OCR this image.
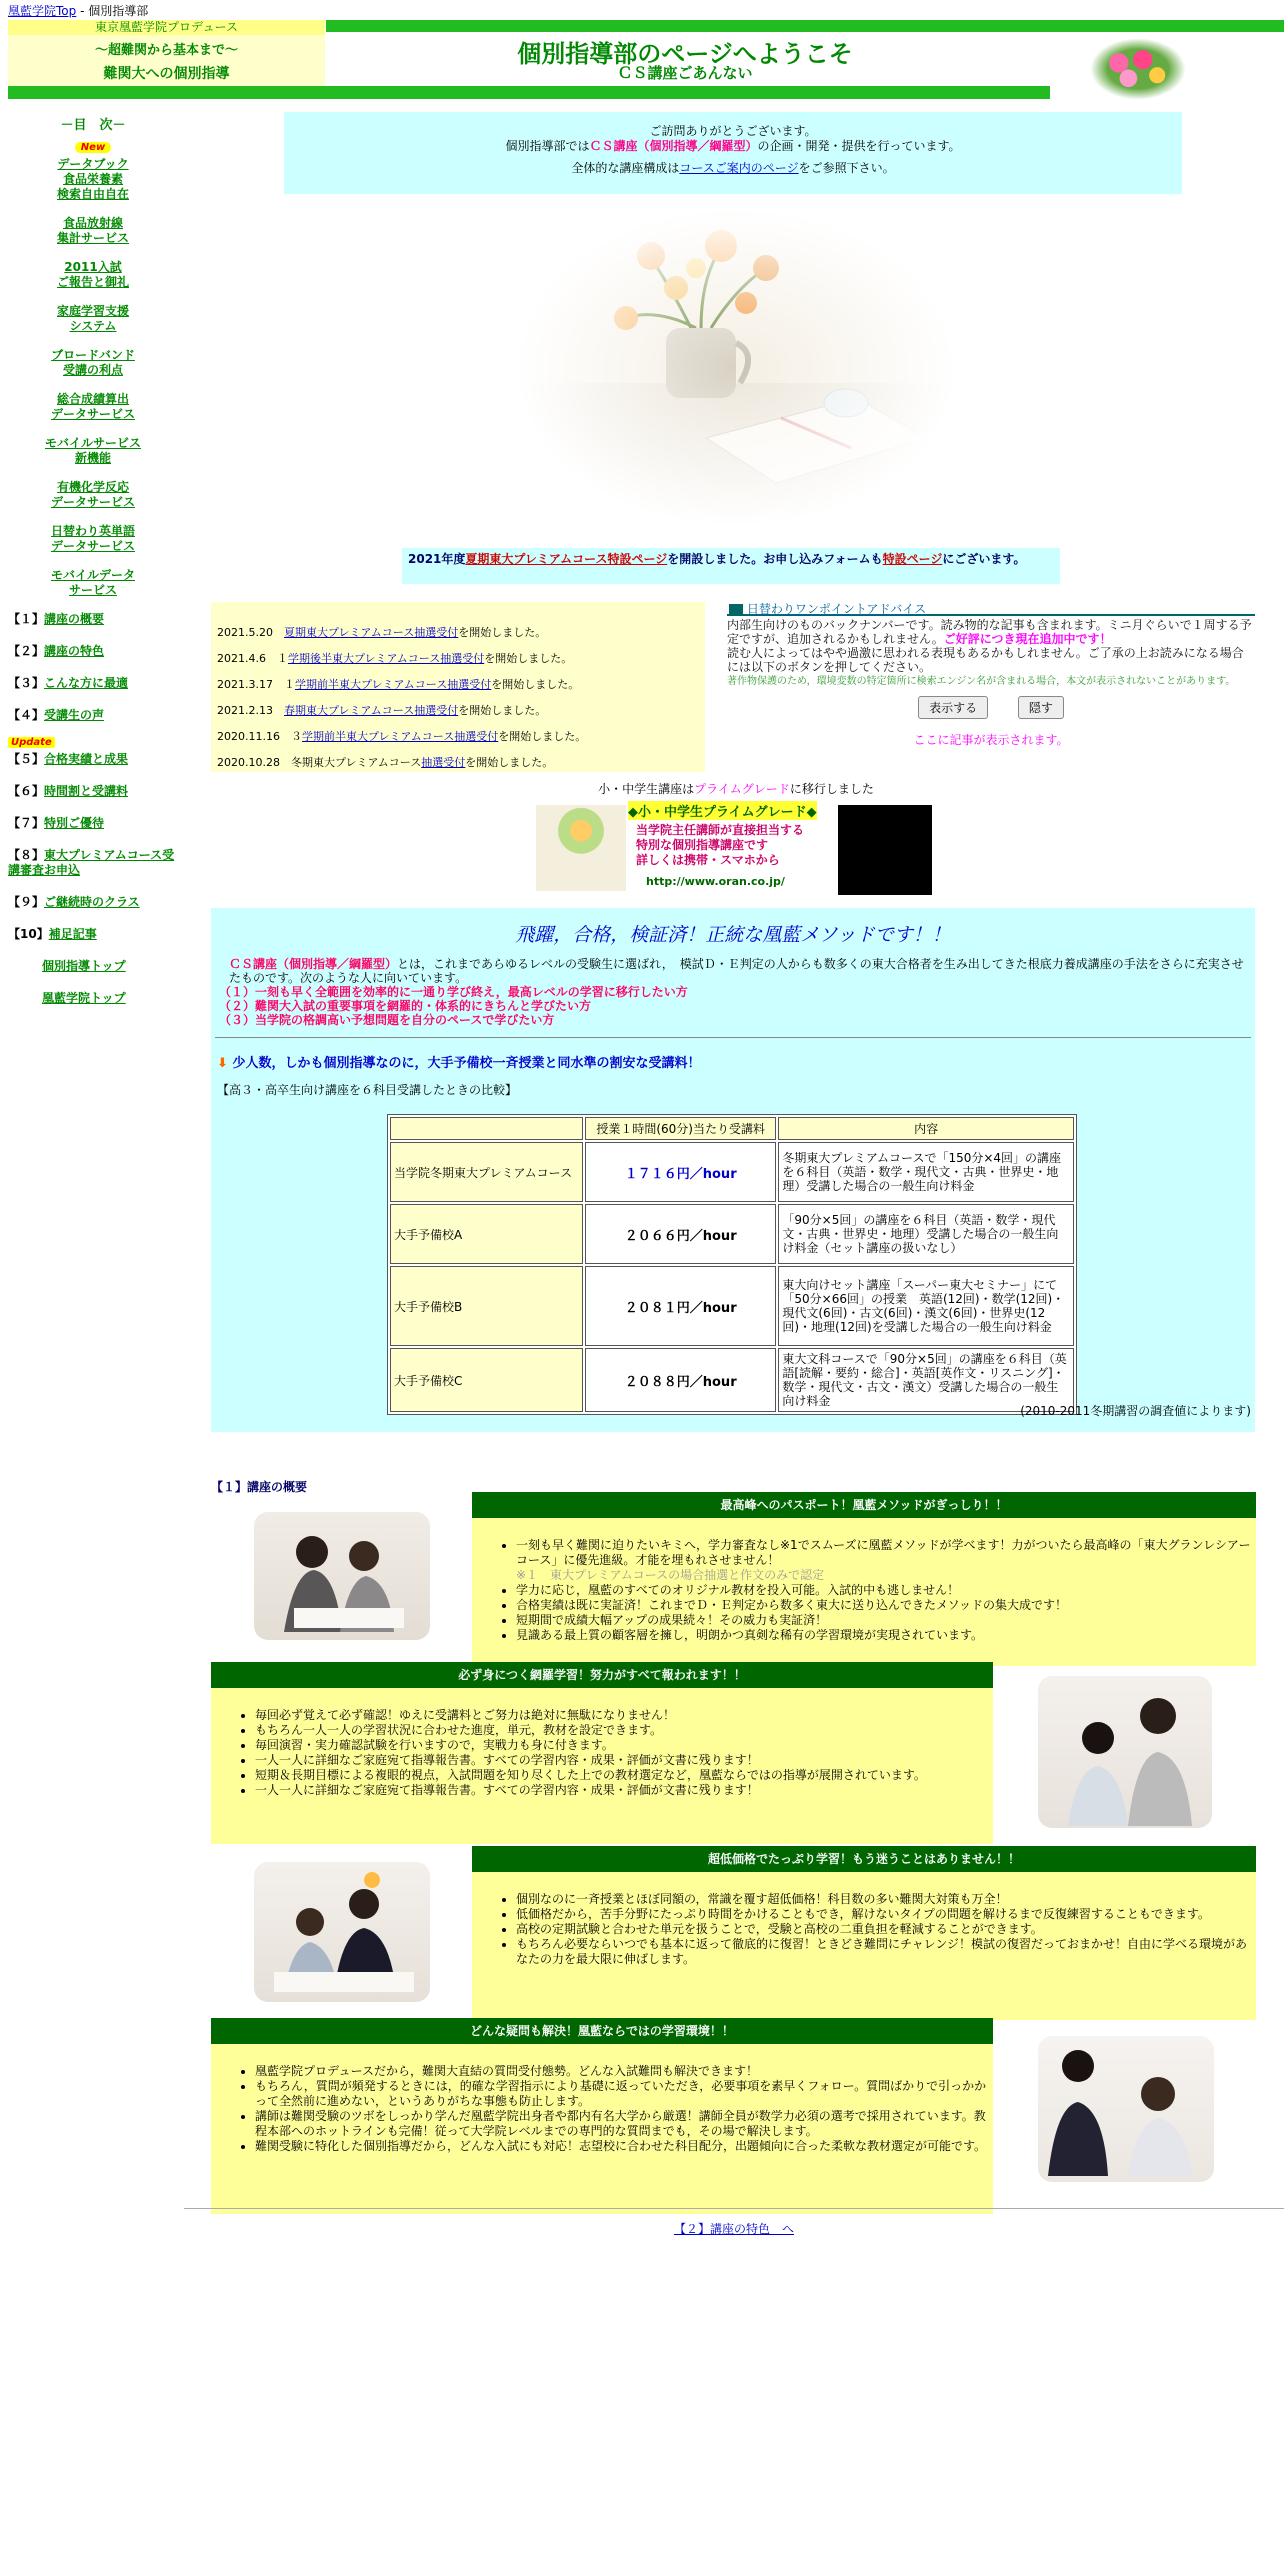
凰藍学院Top - 個別指導部
東京凰藍学院プロデュース
～超難関から基本まで～
難関大への個別指導
個別指導部のページへようこそ
ＣＳ講座ごあんない
－目　次－
New
データブック
食品栄養素
検索自由自在
食品放射線
集計サービス
2011入試
ご報告と御礼
家庭学習支援
システム
ブロードバンド
受講の利点
総合成績算出
データサービス
モバイルサービス
新機能
有機化学反応
データサービス
日替わり英単語
データサービス
モバイルデータ
サービス
【１】講座の概要
【２】講座の特色
【３】こんな方に最適
【４】受講生の声
Update
【５】合格実績と成果
【６】時間割と受講料
【７】特別ご優待
【８】東大プレミアムコース受講審査お申込
【９】ご継続時のクラス
【10】補足記事
個別指導トップ
凰藍学院トップ
ご訪問ありがとうございます。
個別指導部ではＣＳ講座（個別指導／綱羅型）の企画・開発・提供を行っています。
全体的な講座構成はコースご案内のページをご参照下さい。
2021年度夏期東大プレミアムコース特設ページを開設しました。お申し込みフォームも特設ページにございます。
2021.5.20　 夏期東大プレミアムコース抽選受付を開始しました。
2021.4.6　１学期後半東大プレミアムコース抽選受付を開始しました。
2021.3.17　１学期前半東大プレミアムコース抽選受付を開始しました。
2021.2.13　 春期東大プレミアムコース抽選受付を開始しました。
2020.11.16　３学期前半東大プレミアムコース抽選受付を開始しました。
2020.10.28　冬期東大プレミアムコース抽選受付を開始しました。
日替わりワンポイントアドバイス
内部生向けのものバックナンバーです。読み物的な記事も含まれます。ミニ月ぐらいで１周する予定ですが、追加されるかもしれません。ご好評につき現在追加中です！
読む人によってはやや過激に思われる表現もあるかもしれません。ご了承の上お読みになる場合には以下のボタンを押してください。
著作物保護のため，環境変数の特定箇所に検索エンジン名が含まれる場合，本文が表示されないことがあります。
表示する	隠す
ここに記事が表示されます。
小・中学生講座はプライムグレードに移行しました
◆小・中学生プライムグレード◆
当学院主任講師が直接担当する
特別な個別指導講座です
詳しくは携帯・スマホから
http://www.oran.co.jp/
飛躍，合格，検証済！正統な凰藍メソッドです！！
ＣＳ講座（個別指導／綱羅型）とは，これまであらゆるレベルの受験生に選ばれ，　模試Ｄ・Ｅ判定の人からも数多くの東大合格者を生み出してきた根底力養成講座の手法をさらに充実させたものです。次のような人に向いています。
（１）一刻も早く全範囲を効率的に一通り学び終え，最高レベルの学習に移行したい方
（２）難関大入試の重要事項を網羅的・体系的にきちんと学びたい方
（３）当学院の格調高い予想問題を自分のペースで学びたい方
⬇ 少人数，しかも個別指導なのに，大手予備校一斉授業と同水準の割安な受講料！
【高３・高卒生向け講座を６科目受講したときの比較】
	授業１時間(60分)当たり受講料	内容
当学院冬期東大プレミアムコース	１７１６円／hour	冬期東大プレミアムコースで「150分×4回」の講座を６科目（英語・数学・現代文・古典・世界史・地理）受講した場合の一般生向け料金
大手予備校A	２０６６円／hour	「90分×5回」の講座を６科目（英語・数学・現代文・古典・世界史・地理）受講した場合の一般生向け料金（セット講座の扱いなし）
大手予備校B	２０８１円／hour	東大向けセット講座「スーパー東大セミナー」にて「50分×66回」の授業　英語(12回)・数学(12回)・現代文(6回)・古文(6回)・漢文(6回)・世界史(12回)・地理(12回)を受講した場合の一般生向け料金
大手予備校C	２０８８円／hour	東大文科コースで「90分×5回」の講座を６科目（英語[読解・要約・総合]・英語[英作文・リスニング]・数学・現代文・古文・漢文）受講した場合の一般生向け料金
(2010-2011冬期講習の調査値によります)
【１】講座の概要
最高峰へのパスポート！凰藍メソッドがぎっしり！！
• 一刻も早く難関に迫りたいキミへ，学力審査なし※1でスムーズに凰藍メソッドが学べます！力がついたら最高峰の「東大グランレシアーコース」に優先進級。才能を埋もれさせません！
※１　東大プレミアムコースの場合抽選と作文のみで認定
• 学力に応じ，凰藍のすべてのオリジナル教材を投入可能。入試的中も逃しません！
• 合格実績は既に実証済！これまでＤ・Ｅ判定から数多く東大に送り込んできたメソッドの集大成です！
• 短期間で成績大幅アップの成果続々！その威力も実証済！
• 見識ある最上質の顧客層を擁し，明朗かつ真剣な稀有の学習環境が実現されています。
必ず身につく網羅学習！努力がすべて報われます！！
• 毎回必ず覚えて必ず確認！ゆえに受講料とご努力は絶対に無駄になりません！
• もちろん一人一人の学習状況に合わせた進度，単元，教材を設定できます。
• 毎回演習・実力確認試験を行いますので，実戦力も身に付きます。
• 一人一人に詳細なご家庭宛て指導報告書。すべての学習内容・成果・評価が文書に残ります！
• 短期＆長期目標による複眼的視点，入試問題を知り尽くした上での教材選定など，凰藍ならではの指導が展開されています。
• 一人一人に詳細なご家庭宛て指導報告書。すべての学習内容・成果・評価が文書に残ります！
超低価格でたっぷり学習！もう迷うことはありません！！
• 個別なのに一斉授業とほぼ同額の，常識を覆す超低価格！科目数の多い難関大対策も万全！
• 低価格だから，苦手分野にたっぷり時間をかけることもでき，解けないタイプの問題を解けるまで反復練習することもできます。
• 高校の定期試験と合わせた単元を扱うことで，受験と高校の二重負担を軽減することができます。
• もちろん必要ならいつでも基本に返って徹底的に復習！ときどき難問にチャレンジ！模試の復習だっておまかせ！自由に学べる環境があなたの力を最大限に伸ばします。
どんな疑問も解決！凰藍ならではの学習環境！！
• 凰藍学院プロデュースだから，難関大直結の質問受付態勢。どんな入試難問も解決できます！
• もちろん，質問が頻発するときには，的確な学習指示により基礎に返っていただき，必要事項を素早くフォロー。質問ばかりで引っかかって全然前に進めない，というありがちな事態も防止します。
• 講師は難関受験のツボをしっかり学んだ凰藍学院出身者や都内有名大学から厳選！講師全員が数学力必須の選考で採用されています。教程本部へのホットラインも完備！従って大学院レベルまでの専門的な質問までも，その場で解決します。
• 難関受験に特化した個別指導だから，どんな入試にも対応！志望校に合わせた科目配分，出題傾向に合った柔軟な教材選定が可能です。
【２】講座の特色　へ
